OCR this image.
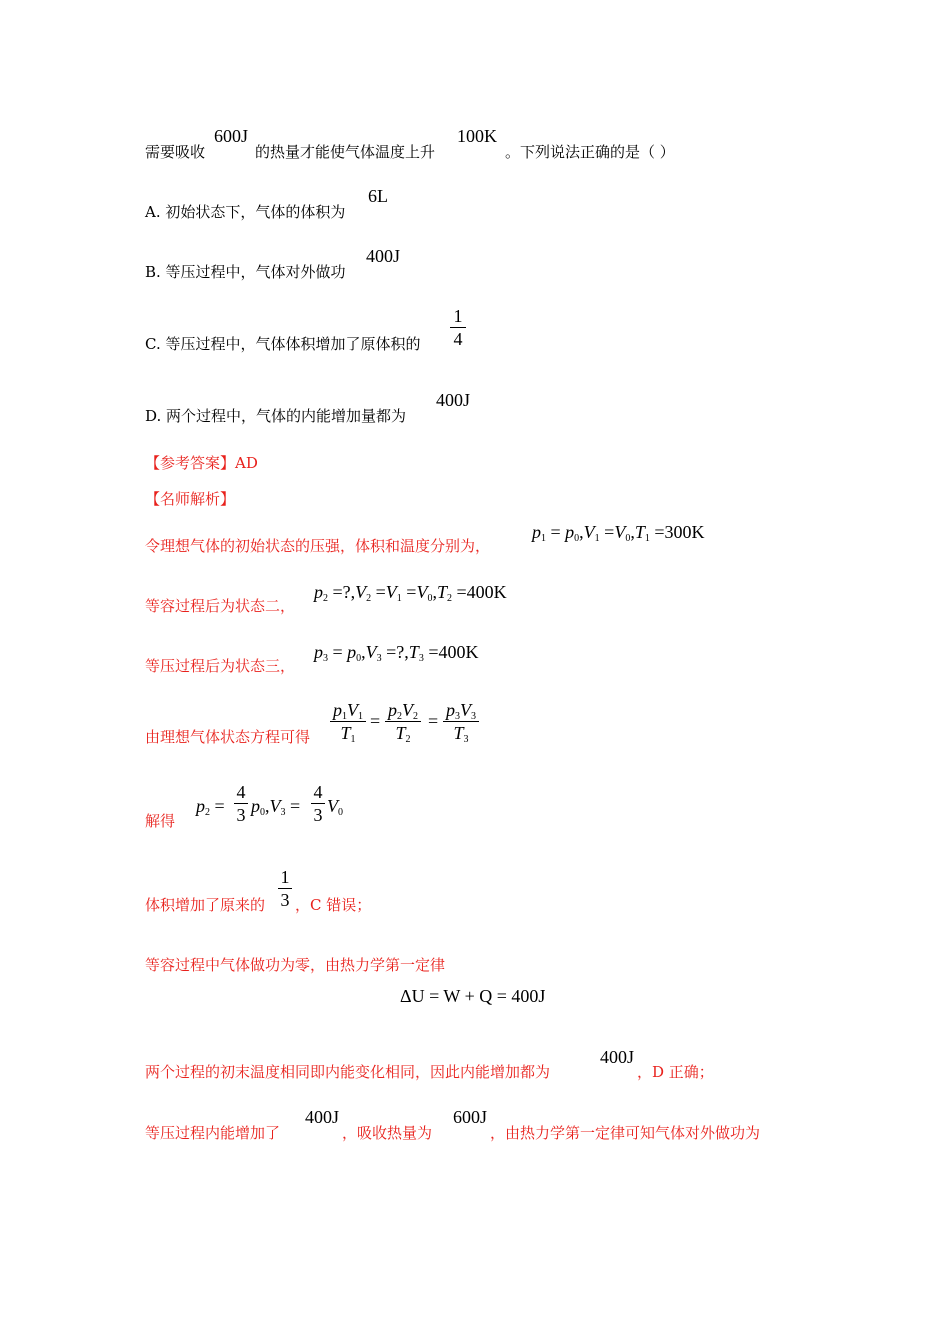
需要吸收
600J
的热量才能使气体温度上升
100K
。下列说法正确的是（ ）
A. 初始状态下，气体的体积为
6L
B. 等压过程中，气体对外做功
400J
C. 等压过程中，气体体积增加了原体积的
1
4
D. 两个过程中，气体的内能增加量都为
400J
【参考答案】AD
【名师解析】
令理想气体的初始状态的压强，体积和温度分别为，
$p_1 = p_0,V_1 =V_0,T_1 =300K$
等容过程后为状态二，
$p_2$ $=?,V_2 =V_1 =V_0,T_2 =400K$
等压过程后为状态三，
$p_3 = p_0,V_3$ $=?,T_3 =400K$
由理想气体状态方程可得
$p_1V_1$
$T_1$
=
$p_2V_2$
$T_2$
=
$p_3V_3$
$T_3$
解得
$p_2$ =
4
3 $p_0,V_3$ =
4
3 $V_0$
体积增加了原来的
1
3 ，C 错误；
等容过程中气体做功为零，由热力学第一定律
ΔU = W + Q = 400J
两个过程的初末温度相同即内能变化相同，因此内能增加都为
400J
，D 正确；
等压过程内能增加了
400J
，吸收热量为
600J
，由热力学第一定律可知气体对外做功为
